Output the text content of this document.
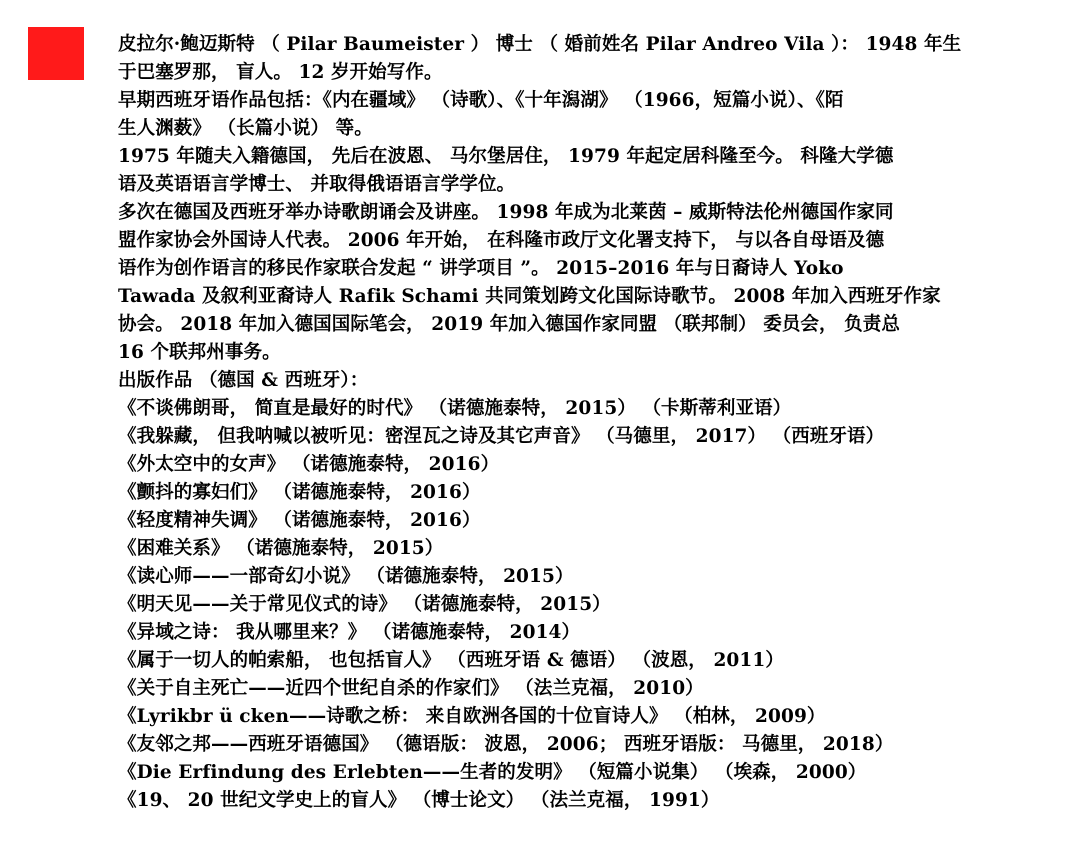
皮拉尔·鲍迈斯特 （ Pilar Baumeister ） 博士 （ 婚前姓名 Pilar Andreo Vila ）： 1948 年生
于巴塞罗那， 盲人。 12 岁开始写作。
早期西班牙语作品包括：《内在疆域》 （诗歌）、《十年潟湖》 （1966，短篇小说）、《陌
生人渊薮》 （长篇小说） 等。
1975 年随夫入籍德国， 先后在波恩、 马尔堡居住， 1979 年起定居科隆至今。 科隆大学德
语及英语语言学博士、 并取得俄语语言学学位。
多次在德国及西班牙举办诗歌朗诵会及讲座。 1998 年成为北莱茵 – 威斯特法伦州德国作家同
盟作家协会外国诗人代表。 2006 年开始， 在科隆市政厅文化署支持下， 与以各自母语及德
语作为创作语言的移民作家联合发起 “ 讲学项目 ”。 2015–2016 年与日裔诗人 Yoko
Tawada 及叙利亚裔诗人 Rafik Schami 共同策划跨文化国际诗歌节。 2008 年加入西班牙作家
协会。 2018 年加入德国国际笔会， 2019 年加入德国作家同盟 （联邦制） 委员会， 负责总
16 个联邦州事务。
出版作品 （德国 & 西班牙）：
《不谈佛朗哥， 简直是最好的时代》 （诺德施泰特， 2015） （卡斯蒂利亚语）
《我躲藏， 但我呐喊以被听见：密涅瓦之诗及其它声音》 （马德里， 2017） （西班牙语）
《外太空中的女声》 （诺德施泰特， 2016）
《颤抖的寡妇们》 （诺德施泰特， 2016）
《轻度精神失调》 （诺德施泰特， 2016）
《困难关系》 （诺德施泰特， 2015）
《读心师——一部奇幻小说》 （诺德施泰特， 2015）
《明天见——关于常见仪式的诗》 （诺德施泰特， 2015）
《异域之诗： 我从哪里来？》 （诺德施泰特， 2014）
《属于一切人的帕索船， 也包括盲人》 （西班牙语 & 德语） （波恩， 2011）
《关于自主死亡——近四个世纪自杀的作家们》 （法兰克福， 2010）
《Lyrikbr ü cken——诗歌之桥： 来自欧洲各国的十位盲诗人》 （柏林， 2009）
《友邻之邦——西班牙语德国》 （德语版： 波恩， 2006； 西班牙语版： 马德里， 2018）
《Die Erfindung des Erlebten——生者的发明》 （短篇小说集） （埃森， 2000）
《19、 20 世纪文学史上的盲人》 （博士论文） （法兰克福， 1991）
